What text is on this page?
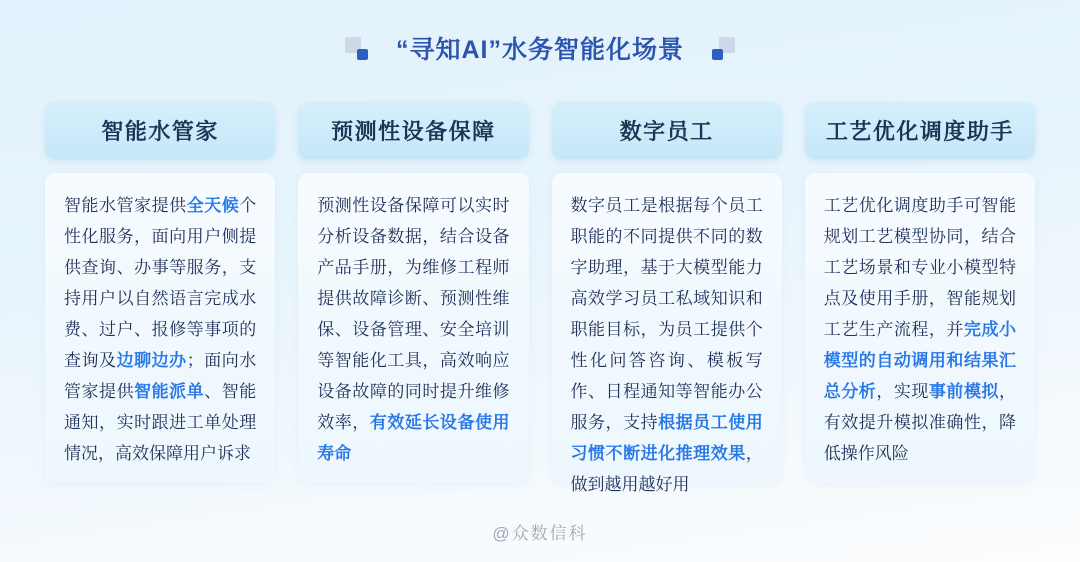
“寻知AI”水务智能化场景
智能水管家

智能水管家提供全天候个性化服务，面向用户侧提供查询、办事等服务，支持用户以自然语言完成水费、过户、报修等事项的查询及边聊边办；面向水管家提供智能派单、智能通知，实时跟进工单处理情况，高效保障用户诉求

预测性设备保障

预测性设备保障可以实时分析设备数据，结合设备产品手册，为维修工程师提供故障诊断、预测性维保、设备管理、安全培训等智能化工具，高效响应设备故障的同时提升维修效率，有效延长设备使用寿命

数字员工

数字员工是根据每个员工职能的不同提供不同的数字助理，基于大模型能力高效学习员工私域知识和职能目标，为员工提供个性化问答咨询、模板写作、日程通知等智能办公服务，支持根据员工使用习惯不断进化推理效果，做到越用越好用

工艺优化调度助手

工艺优化调度助手可智能规划工艺模型协同，结合工艺场景和专业小模型特点及使用手册，智能规划工艺生产流程，并完成小模型的自动调用和结果汇总分析，实现事前模拟，有效提升模拟准确性，降低操作风险

@众数信科
